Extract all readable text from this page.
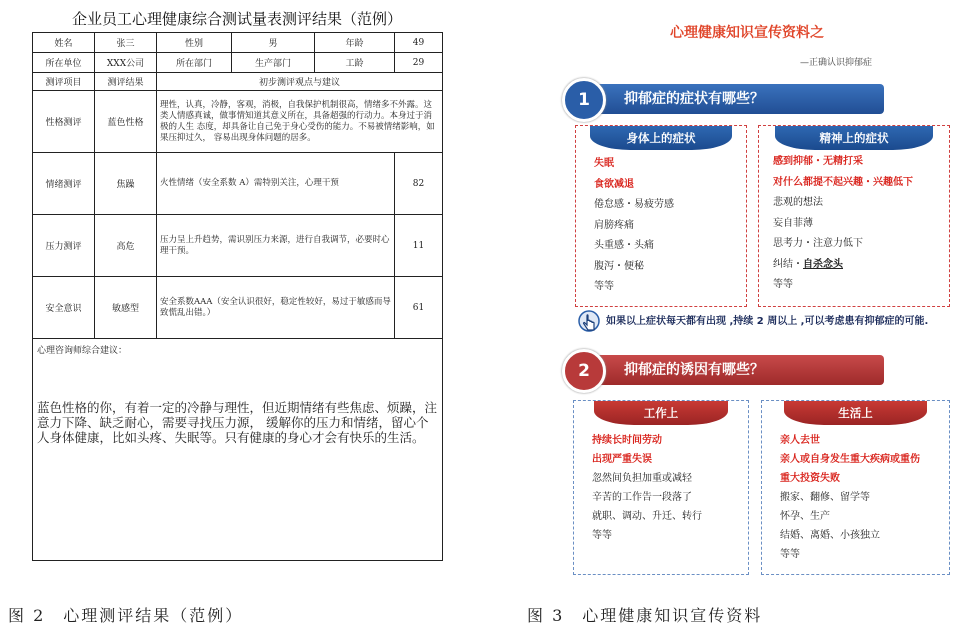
企业员工心理健康综合测试量表测评结果（范例）
姓名	张三	性别	男	年龄	49
所在单位	XXX公司	所在部门	生产部门	工龄	29
测评项目	测评结果	初步测评观点与建议			
性格测评	蓝色性格	理性，认真，冷静，客观，消极，自我保护机制很高，情绪多不外露。这类人情感真诚，做事情知道其意义所在，具备超强的行动力。本身过于消极的人生 态度，却具备让自己免于身心受伤的能力。不易被情绪影响，如果压抑过久， 容易出现身体问题的居多。			
情绪测评	焦躁	火性情绪（安全系数 A）需特别关注，心理干预			82
压力测评	高危	压力呈上升趋势，需识别压力来源，进行自我调节，必要时心理干预。			11
安全意识	敏感型	安全系数AAA（安全认识很好，稳定性较好，易过于敏感而导致慌乱出错。）			61

心理咨询师综合建议：
蓝色性格的你，有着一定的冷静与理性，但近期情绪有些焦虑、烦躁，注意力下降、缺乏耐心，需要寻找压力源， 缓解你的压力和情绪，留心个人身体健康，比如头疼、失眠等。只有健康的身心才会有快乐的生活。					
心理健康知识宣传资料之
—正确认识抑郁症
抑郁症的症状有哪些？
1
身体上的症状
失眠
食欲减退
倦怠感・易疲劳感
肩膀疼痛
头重感・头痛
腹泻・便秘
等等
精神上的症状
感到抑郁・无精打采
对什么都提不起兴趣・兴趣低下
悲观的想法
妄自菲薄
思考力・注意力低下
纠结・自杀念头
等等
如果以上症状每天都有出现 ,持续 2 周以上 ,可以考虑患有抑郁症的可能.
抑郁症的诱因有哪些？
2
工作上
持续长时间劳动
出现严重失误
忽然间负担加重或减轻
辛苦的工作告一段落了
就职、调动、升迁、转行
等等
生活上
亲人去世
亲人或自身发生重大疾病或重伤
重大投资失败
搬家、翻修、留学等
怀孕、生产
结婚、离婚、小孩独立
等等
图 2　心理测评结果（范例）	图 3　心理健康知识宣传资料
